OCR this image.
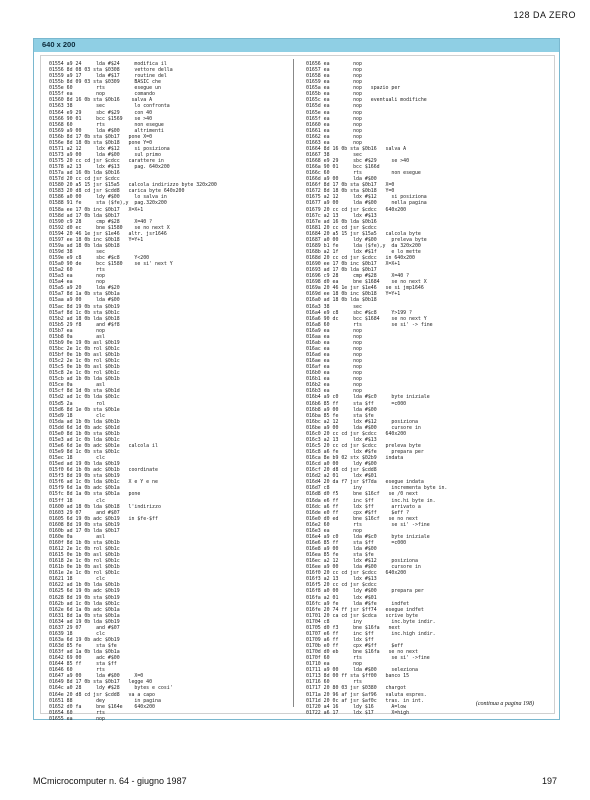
128 DA ZERO
640 x 200
01554 a9 24     lda #$24     modifica il
01556 8d 08 03 sta $0308     vettore della
01559 a9 17     lda #$17     routine del
0155b 8d 09 03 sta $0309     BASIC che
0155e 60        rts          esegue un
0155f ea        nop          comando
01560 8d 16 0b sta $0b16    salva A
01563 38        sec          lo confronta
01564 e9 29     sbc #$29     con 40
01566 90 01     bcc $1569    se >40
01568 60        rts          non esegue
01569 a9 00     lda #$00     altrimenti
0156b 8d 17 0b sta $0b17   pone X=0
0156e 8d 18 0b sta $0b18   pone Y=0
01571 a2 12     ldx #$12     si posiziona
01573 a9 00     lda #$00     sul primo
01575 20 cc cd jsr $cdcc   carattere in
01578 a2 13     ldx #$13     pag. 640x200
0157a ad 16 0b lda $0b16
0157d 20 cc cd jsr $cdcc
01580 20 a5 15 jsr $15a5   calcola indirizzo byte 320x200
01583 20 d8 cd jsr $cdd8   carica byte 640x200
01586 a0 00     ldy #$00     lo salva in
01588 91 fe     sta ($fe),y  pag.320x200
0158a ee 17 0b inc $0b17   X=X+1
0158d ad 17 0b lda $0b17
01590 c9 28     cmp #$28     X=40 ?
01592 d0 ec     bne $1580    se no next X
01594 20 46 1e jsr $1e46   altr. jsr1646
01597 ee 18 0b inc $0b18   Y=Y+1
0159a ad 18 0b lda $0b18
0159d 38        sec
0159e e9 c8     sbc #$c8     Y<200
015a0 90 de     bcc $1580    se si' next Y
015a2 60        rts
015a3 ea        nop
015a4 ea        nop
015a5 a9 20     lda #$20
015a7 8d 1a 0b sta $0b1a
015aa a9 00     lda #$00
015ac 8d 19 0b sta $0b19
015af 8d 1c 0b sta $0b1c
015b2 ad 18 0b lda $0b18
015b5 29 f8     and #$f8
015b7 ea        nop
015b8 0a        asl
015b9 0e 19 0b asl $0b19
015bc 2e 1c 0b rol $0b1c
015bf 0e 1b 0b asl $0b1b
015c2 2e 1c 0b rol $0b1c
015c5 0e 1b 0b asl $0b1b
015c8 2e 1c 0b rol $0b1c
015cb ad 1b 0b lda $0b1b
015ce 0a        asl
015cf 8d 1d 0b sta $0b1d
015d2 ad 1c 0b lda $0b1c
015d5 2a        rol
015d6 8d 1e 0b sta $0b1e
015d9 18        clc
015da ad 1b 0b lda $0b1b
015dd 6d 1d 0b adc $0b1d
015e0 8d 1b 0b sta $0b1b
015e3 ad 1c 0b lda $0b1c
015e6 6d 1e 0b adc $0b1e   calcola il
015e9 8d 1c 0b sta $0b1c
015ec 18        clc
015ed ad 19 0b lda $0b19
015f0 6d 1b 0b adc $0b1b   coordinate
015f3 8d 19 0b sta $0b19
015f6 ad 1c 0b lda $0b1c   X e Y e ne
015f9 6d 1a 0b adc $0b1a
015fc 8d 1a 0b sta $0b1a   pone
015ff 18        clc
01600 ad 18 0b lda $0b18   l'indirizzo
01603 29 07     and #$07
01605 6d 19 0b adc $0b19   in $fe-$ff
01608 8d 19 0b sta $0b19
0160b ad 17 0b lda $0b17
0160e 0a        asl
0160f 8d 1b 0b sta $0b1b
01612 2e 1c 0b rol $0b1c
01615 0e 1b 0b asl $0b1b
01618 2e 1c 0b rol $0b1c
0161b 0e 1b 0b asl $0b1b
0161e 2e 1c 0b rol $0b1c
01621 18        clc
01622 ad 1b 0b lda $0b1b
01625 6d 19 0b adc $0b19
01628 8d 19 0b sta $0b19
0162b ad 1c 0b lda $0b1c
0162e 6d 1a 0b adc $0b1a
01631 8d 1a 0b sta $0b1a
01634 ad 19 0b lda $0b19
01637 29 07     and #$07
01639 18        clc
0163a 6d 19 0b adc $0b19
0163d 85 fe     sta $fe
0163f ad 1a 0b lda $0b1a
01642 69 00     adc #$00
01644 85 ff     sta $ff
01646 60        rts
01647 a9 00     lda #$00     X=0
01649 8d 17 0b sta $0b17   legge 40
0164c a0 28     ldy #$28     bytes e cosi'
0164e 20 d8 cd jsr $cdd8   va a capo
01651 88        dey          in pagina
01652 d0 fa     bne $164e    640x200
01654 60        rts
01655 ea        nop
01656 ea        nop
01657 ea        nop
01658 ea        nop
01659 ea        nop
0165a ea        nop   spazio per
0165b ea        nop
0165c ea        nop   eventuali modifiche
0165d ea        nop
0165e ea        nop
0165f ea        nop
01660 ea        nop
01661 ea        nop
01662 ea        nop
01663 ea        nop
01664 8d 16 0b sta $0b16   salva A
01667 38        sec
01668 e9 29     sbc #$29     se >40
0166a 90 01     bcc $166d
0166c 60        rts          non esegue
0166d a9 00     lda #$00
0166f 8d 17 0b sta $0b17   X=0
01672 8d 18 0b sta $0b18   Y=0
01675 a2 12     ldx #$12     si posiziona
01677 a9 00     lda #$00     nella pagina
01679 20 cc cd jsr $cdcc   640x200
0167c a2 13     ldx #$13
0167e ad 16 0b lda $0b16
01681 20 cc cd jsr $cdcc
01684 20 a5 15 jsr $15a5   calcola byte
01687 a0 00     ldy #$00     preleva byte
01689 b1 fe     lda ($fe),y  da 320x200
0168b a2 1f     ldx #$1f     e lo mette
0168d 20 cc cd jsr $cdcc   in 640x200
01690 ee 17 0b inc $0b17   X=X+1
01693 ad 17 0b lda $0b17
01696 c9 28     cmp #$28     X=40 ?
01698 d0 ea     bne $1684    se no next X
0169a 20 46 1e jsr $1e46   se si jmp1646
0169d ee 18 0b inc $0b18   Y=Y+1
016a0 ad 18 0b lda $0b18
016a3 38        sec
016a4 e9 c8     sbc #$c8     Y>199 ?
016a6 90 dc     bcc $1684    se no next Y
016a8 60        rts          se si' -> fine
016a9 ea        nop
016aa ea        nop
016ab ea        nop
016ac ea        nop
016ad ea        nop
016ae ea        nop
016af ea        nop
016b0 ea        nop
016b1 ea        nop
016b2 ea        nop
016b3 ea        nop
016b4 a9 c0     lda #$c0     byte iniziale
016b6 85 ff     sta $ff      =c000
016b8 a9 00     lda #$00
016ba 85 fe     sta $fe
016bc a2 12     ldx #$12     posiziona
016be a9 00     lda #$00     cursore in
016c0 20 cc cd jsr $cdcc   640x200
016c3 a2 13     ldx #$13
016c5 20 cc cd jsr $cdcc   preleva byte
016c8 a6 fe     ldx #$fe     prepara per
016ca 8e b9 02 stx $02b9   indata
016cd a0 00     ldy #$00
016cf 20 d8 cd jsr $cdd8
016d2 a2 01     ldx #$01
016d4 20 da f7 jsr $f7da   esegue indata
016d7 c8        iny          incrementa byte in.
016d8 d0 f5     bne $16cf   se /0 next
016da e6 ff     inc $ff      inc.hi byte in.
016dc a6 ff     ldx $ff      arrivato a
016de e0 ff     cpx #$ff     $eff ?
016e0 d0 ed     bne $16cf   se no next
016e2 60        rts          se si' ->fine
016e3 ea        nop
016e4 a9 c0     lda #$c0     byte iniziale
016e6 85 ff     sta $ff      =c000
016e8 a9 00     lda #$00
016ea 85 fe     sta $fe
016ec a2 12     ldx #$12     posiziona
016ee a9 00     lda #$00     cursore in
016f0 20 cc cd jsr $cdcc   640x200
016f3 a2 13     ldx #$13
016f5 20 cc cd jsr $cdcc
016f8 a0 00     ldy #$00     prepara per
016fa a2 01     ldx #$01
016fc a9 fe     lda #$fe     indfet
016fe 20 74 ff jsr $ff74   esegue indfet
01701 20 ca cd jsr $cdca   scrive byte
01704 c8        iny          inc.byte indir.
01705 d0 f3     bne $16fa   next
01707 e6 ff     inc $ff      inc.high indir.
01709 a6 ff     ldx $ff
0170b e0 ff     cpx #$ff     $eff
0170d d0 eb     bne $16fa   se no next
0170f 60        rts          se si' ->fine
01710 ea        nop
01711 a9 00     lda #$00     seleziona
01713 8d 00 ff sta $ff00   banco 15
01716 60        rts
01717 20 80 03 jsr $0380   chargot
0171a 20 96 af jsr $af96   valuta espres.
0171d 20 0c af jsr $af0c   tras. in int.
01720 a4 16     ldy $16      A=low
01722 a6 17     ldx $17      X=high
(continua a pagina 198)
MCmicrocomputer n. 64 - giugno 1987	197
